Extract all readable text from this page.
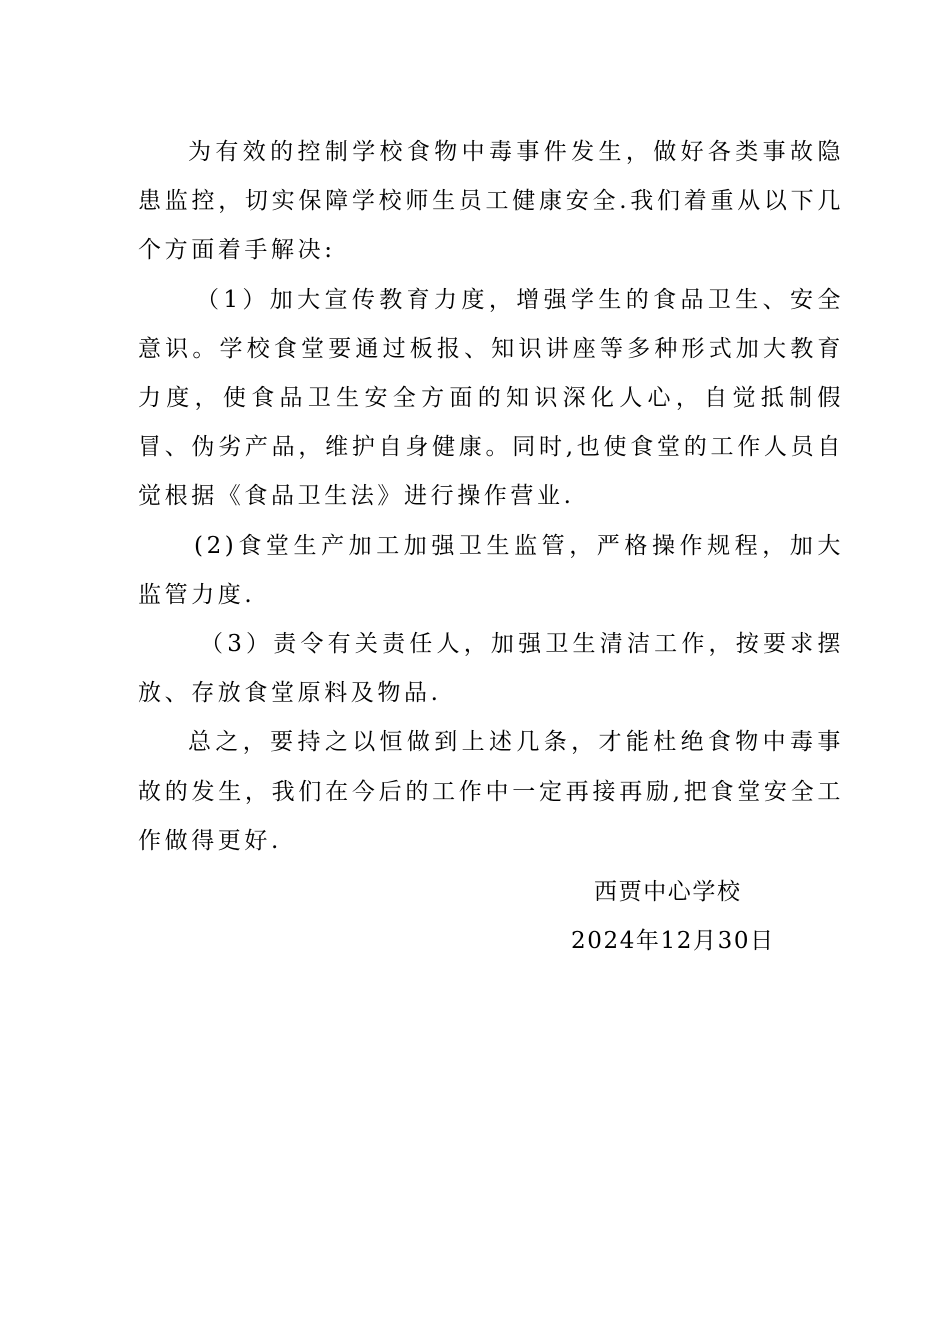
为有效的控制学校食物中毒事件发生，做好各类事故隐患监控，切实保障学校师生员工健康安全.我们着重从以下几个方面着手解决:

（1）加大宣传教育力度，增强学生的食品卫生、安全意识。学校食堂要通过板报、知识讲座等多种形式加大教育力度，使食品卫生安全方面的知识深化人心，自觉抵制假冒、伪劣产品，维护自身健康。同时,也使食堂的工作人员自觉根据《食品卫生法》进行操作营业.

(2)食堂生产加工加强卫生监管，严格操作规程，加大监管力度.

（3）责令有关责任人，加强卫生清洁工作，按要求摆放、存放食堂原料及物品.

总之，要持之以恒做到上述几条，才能杜绝食物中毒事故的发生，我们在今后的工作中一定再接再励,把食堂安全工作做得更好.

西贾中心学校
2024年12月30日
